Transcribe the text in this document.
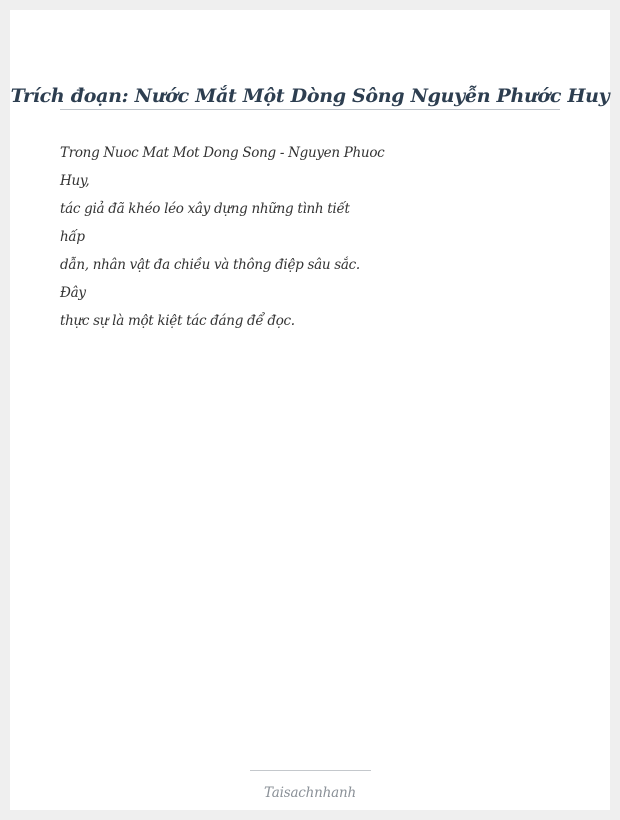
Trích đoạn: Nước Mắt Một Dòng Sông Nguyễn Phước Huy
Trong Nuoc Mat Mot Dong Song - Nguyen Phuoc
Huy,
tác giả đã khéo léo xây dựng những tình tiết
hấp
dẫn, nhân vật đa chiều và thông điệp sâu sắc.
Đây
thực sự là một kiệt tác đáng để đọc.
Taisachnhanh
